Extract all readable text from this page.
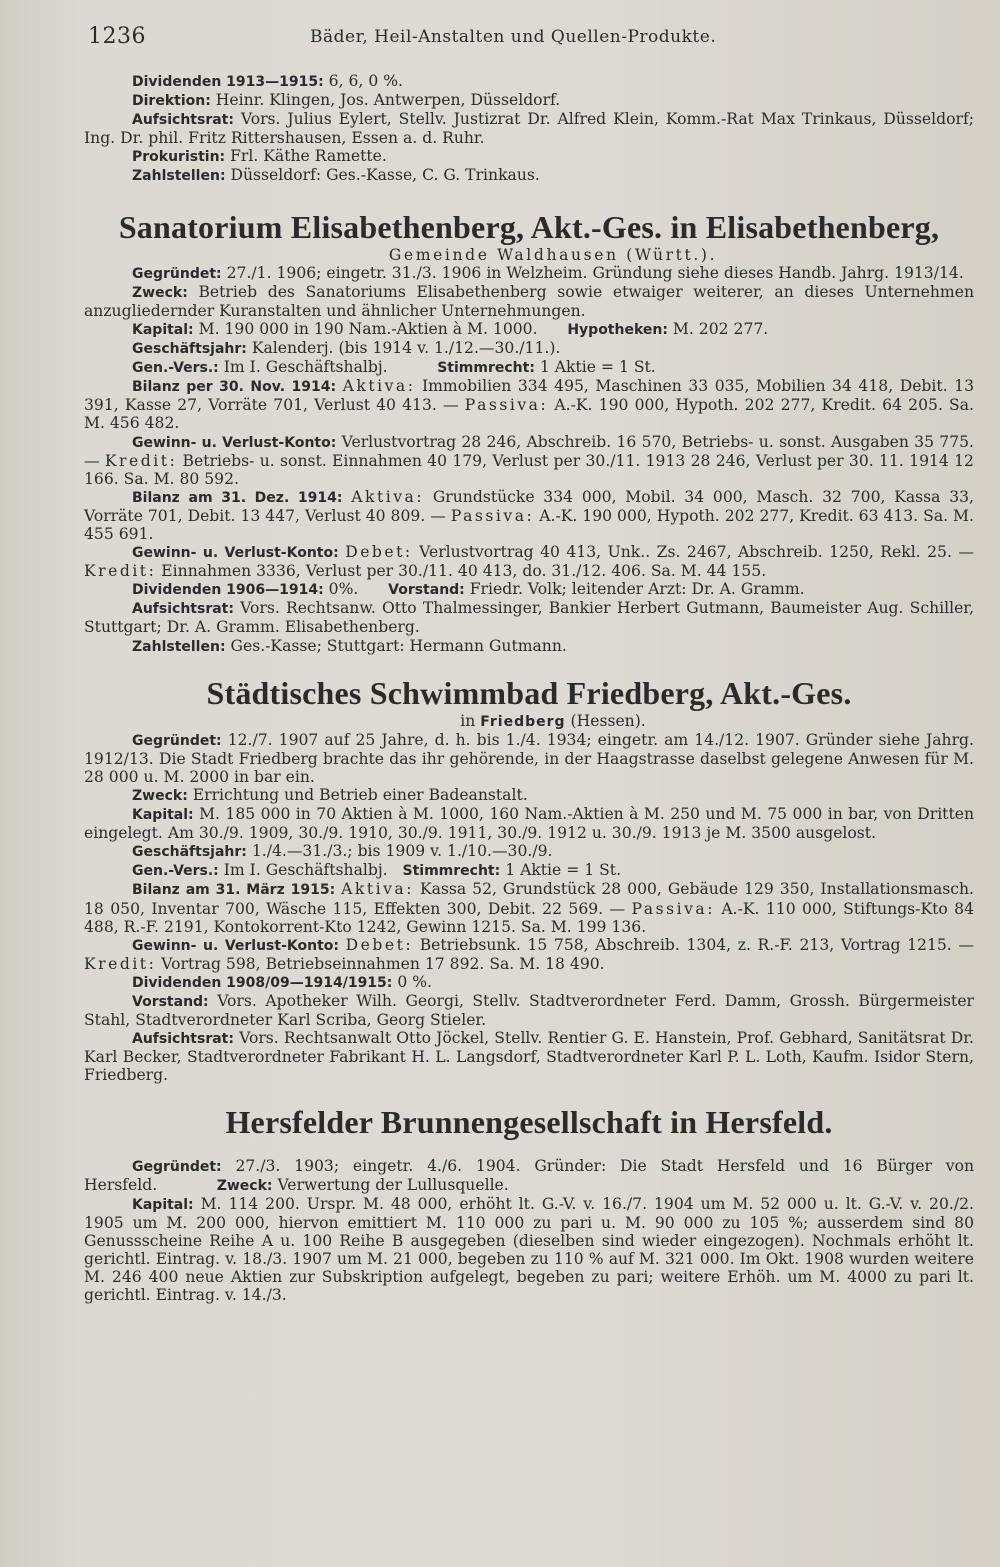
1236	Bäder, Heil-Anstalten und Quellen-Produkte.

Dividenden 1913—1915: 6, 6, 0 %.

Direktion: Heinr. Klingen, Jos. Antwerpen, Düsseldorf.

Aufsichtsrat: Vors. Julius Eylert, Stellv. Justizrat Dr. Alfred Klein, Komm.-Rat Max Trinkaus, Düsseldorf; Ing. Dr. phil. Fritz Rittershausen, Essen a. d. Ruhr.

Prokuristin: Frl. Käthe Ramette.

Zahlstellen: Düsseldorf: Ges.-Kasse, C. G. Trinkaus.

Sanatorium Elisabethenberg, Akt.-Ges. in Elisabethenberg,

Gemeinde Waldhausen (Württ.).

Gegründet: 27./1. 1906; eingetr. 31./3. 1906 in Welzheim. Gründung siehe dieses Handb. Jahrg. 1913/14.

Zweck: Betrieb des Sanatoriums Elisabethenberg sowie etwaiger weiterer, an dieses Unternehmen anzugliedernder Kuranstalten und ähnlicher Unternehmungen.

Kapital: M. 190 000 in 190 Nam.-Aktien à M. 1000. Hypotheken: M. 202 277.

Geschäftsjahr: Kalenderj. (bis 1914 v. 1./12.—30./11.).

Gen.-Vers.: Im I. Geschäftshalbj.	Stimmrecht: 1 Aktie = 1 St.

Bilanz per 30. Nov. 1914: Aktiva: Immobilien 334 495, Maschinen 33 035, Mobilien 34 418, Debit. 13 391, Kasse 27, Vorräte 701, Verlust 40 413. — Passiva: A.-K. 190 000, Hypoth. 202 277, Kredit. 64 205. Sa. M. 456 482.

Gewinn- u. Verlust-Konto: Verlustvortrag 28 246, Abschreib. 16 570, Betriebs- u. sonst. Ausgaben 35 775. — Kredit: Betriebs- u. sonst. Einnahmen 40 179, Verlust per 30./11. 1913 28 246, Verlust per 30. 11. 1914 12 166. Sa. M. 80 592.

Bilanz am 31. Dez. 1914: Aktiva: Grundstücke 334 000, Mobil. 34 000, Masch. 32 700, Kassa 33, Vorräte 701, Debit. 13 447, Verlust 40 809. — Passiva: A.-K. 190 000, Hypoth. 202 277, Kredit. 63 413. Sa. M. 455 691.

Gewinn- u. Verlust-Konto: Debet: Verlustvortrag 40 413, Unk.. Zs. 2467, Abschreib. 1250, Rekl. 25. — Kredit: Einnahmen 3336, Verlust per 30./11. 40 413, do. 31./12. 406. Sa. M. 44 155.

Dividenden 1906—1914: 0%. Vorstand: Friedr. Volk; leitender Arzt: Dr. A. Gramm.

Aufsichtsrat: Vors. Rechtsanw. Otto Thalmessinger, Bankier Herbert Gutmann, Baumeister Aug. Schiller, Stuttgart; Dr. A. Gramm. Elisabethenberg.

Zahlstellen: Ges.-Kasse; Stuttgart: Hermann Gutmann.

Städtisches Schwimmbad Friedberg, Akt.-Ges.

in Friedberg (Hessen).

Gegründet: 12./7. 1907 auf 25 Jahre, d. h. bis 1./4. 1934; eingetr. am 14./12. 1907. Gründer siehe Jahrg. 1912/13. Die Stadt Friedberg brachte das ihr gehörende, in der Haagstrasse daselbst gelegene Anwesen für M. 28 000 u. M. 2000 in bar ein.

Zweck: Errichtung und Betrieb einer Badeanstalt.

Kapital: M. 185 000 in 70 Aktien à M. 1000, 160 Nam.-Aktien à M. 250 und M. 75 000 in bar, von Dritten eingelegt. Am 30./9. 1909, 30./9. 1910, 30./9. 1911, 30./9. 1912 u. 30./9. 1913 je M. 3500 ausgelost.

Geschäftsjahr: 1./4.—31./3.; bis 1909 v. 1./10.—30./9.

Gen.-Vers.: Im I. Geschäftshalbj. Stimmrecht: 1 Aktie = 1 St.

Bilanz am 31. März 1915: Aktiva: Kassa 52, Grundstück 28 000, Gebäude 129 350, Installationsmasch. 18 050, Inventar 700, Wäsche 115, Effekten 300, Debit. 22 569. — Passiva: A.-K. 110 000, Stiftungs-Kto 84 488, R.-F. 2191, Kontokorrent-Kto 1242, Gewinn 1215. Sa. M. 199 136.

Gewinn- u. Verlust-Konto: Debet: Betriebsunk. 15 758, Abschreib. 1304, z. R.-F. 213, Vortrag 1215. — Kredit: Vortrag 598, Betriebseinnahmen 17 892. Sa. M. 18 490.

Dividenden 1908/09—1914/1915: 0 %.

Vorstand: Vors. Apotheker Wilh. Georgi, Stellv. Stadtverordneter Ferd. Damm, Grossh. Bürgermeister Stahl, Stadtverordneter Karl Scriba, Georg Stieler.

Aufsichtsrat: Vors. Rechtsanwalt Otto Jöckel, Stellv. Rentier G. E. Hanstein, Prof. Gebhard, Sanitätsrat Dr. Karl Becker, Stadtverordneter Fabrikant H. L. Langsdorf, Stadtverordneter Karl P. L. Loth, Kaufm. Isidor Stern, Friedberg.

Hersfelder Brunnengesellschaft in Hersfeld.

Gegründet: 27./3. 1903; eingetr. 4./6. 1904. Gründer: Die Stadt Hersfeld und 16 Bürger von Hersfeld.	Zweck: Verwertung der Lullusquelle.

Kapital: M. 114 200. Urspr. M. 48 000, erhöht lt. G.-V. v. 16./7. 1904 um M. 52 000 u. lt. G.-V. v. 20./2. 1905 um M. 200 000, hiervon emittiert M. 110 000 zu pari u. M. 90 000 zu 105 %; ausserdem sind 80 Genussscheine Reihe A u. 100 Reihe B ausgegeben (dieselben sind wieder eingezogen). Nochmals erhöht lt. gerichtl. Eintrag. v. 18./3. 1907 um M. 21 000, begeben zu 110 % auf M. 321 000. Im Okt. 1908 wurden weitere M. 246 400 neue Aktien zur Subskription aufgelegt, begeben zu pari; weitere Erhöh. um M. 4000 zu pari lt. gerichtl. Eintrag. v. 14./3.
